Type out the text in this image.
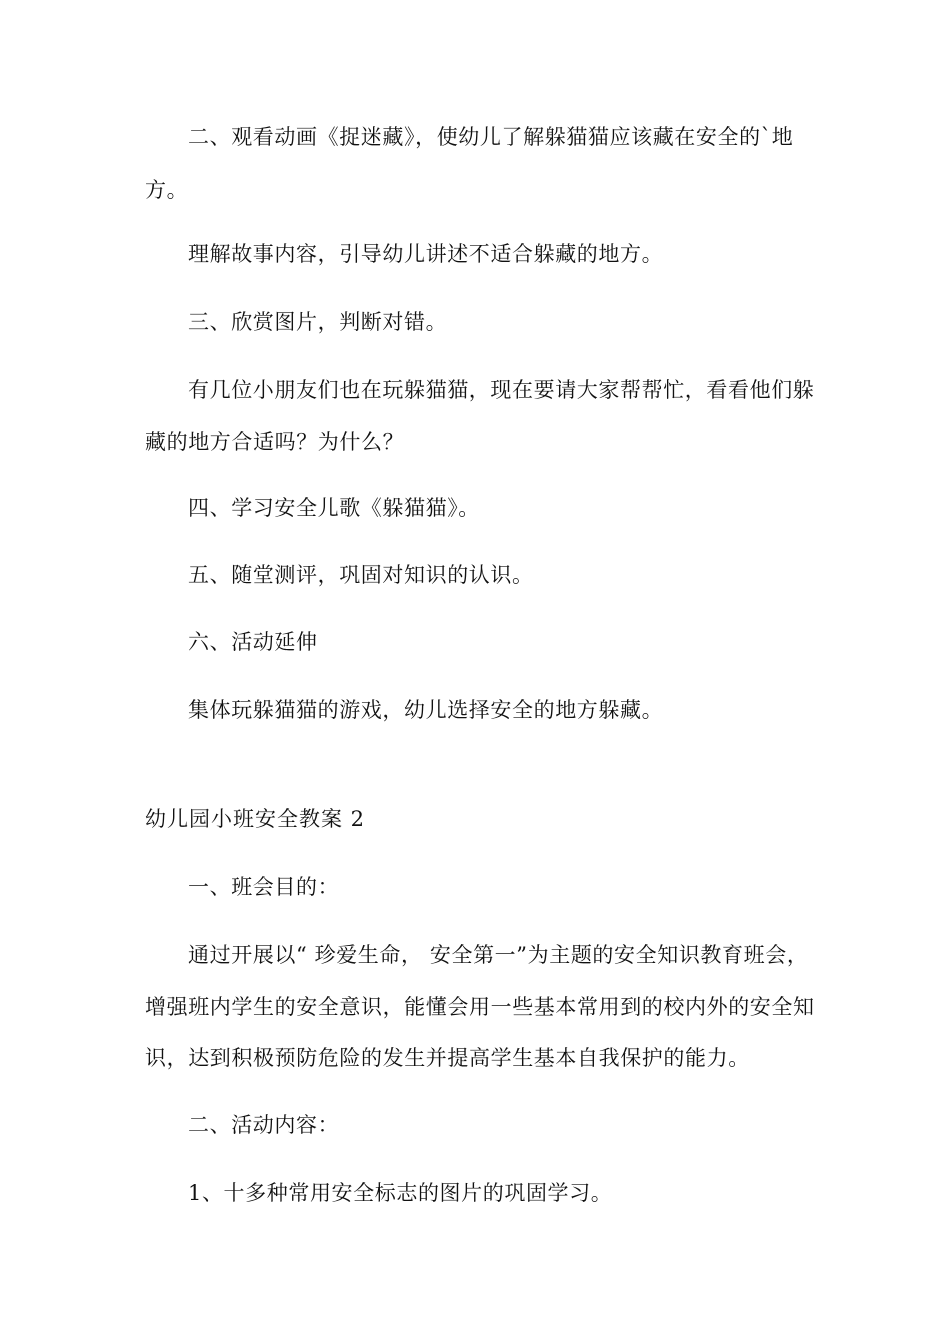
二、观看动画《捉迷藏》，使幼儿了解躲猫猫应该藏在安全的`地
方。
理解故事内容，引导幼儿讲述不适合躲藏的地方。
三、欣赏图片，判断对错。
有几位小朋友们也在玩躲猫猫，现在要请大家帮帮忙，看看他们躲
藏的地方合适吗？为什么？
四、学习安全儿歌《躲猫猫》。
五、随堂测评，巩固对知识的认识。
六、活动延伸
集体玩躲猫猫的游戏，幼儿选择安全的地方躲藏。
幼儿园小班安全教案 2
一、班会目的：
通过开展以“ 珍爱生命， 安全第一”为主题的安全知识教育班会，
增强班内学生的安全意识，能懂会用一些基本常用到的校内外的安全知
识，达到积极预防危险的发生并提高学生基本自我保护的能力。
二、活动内容：
1、十多种常用安全标志的图片的巩固学习。
